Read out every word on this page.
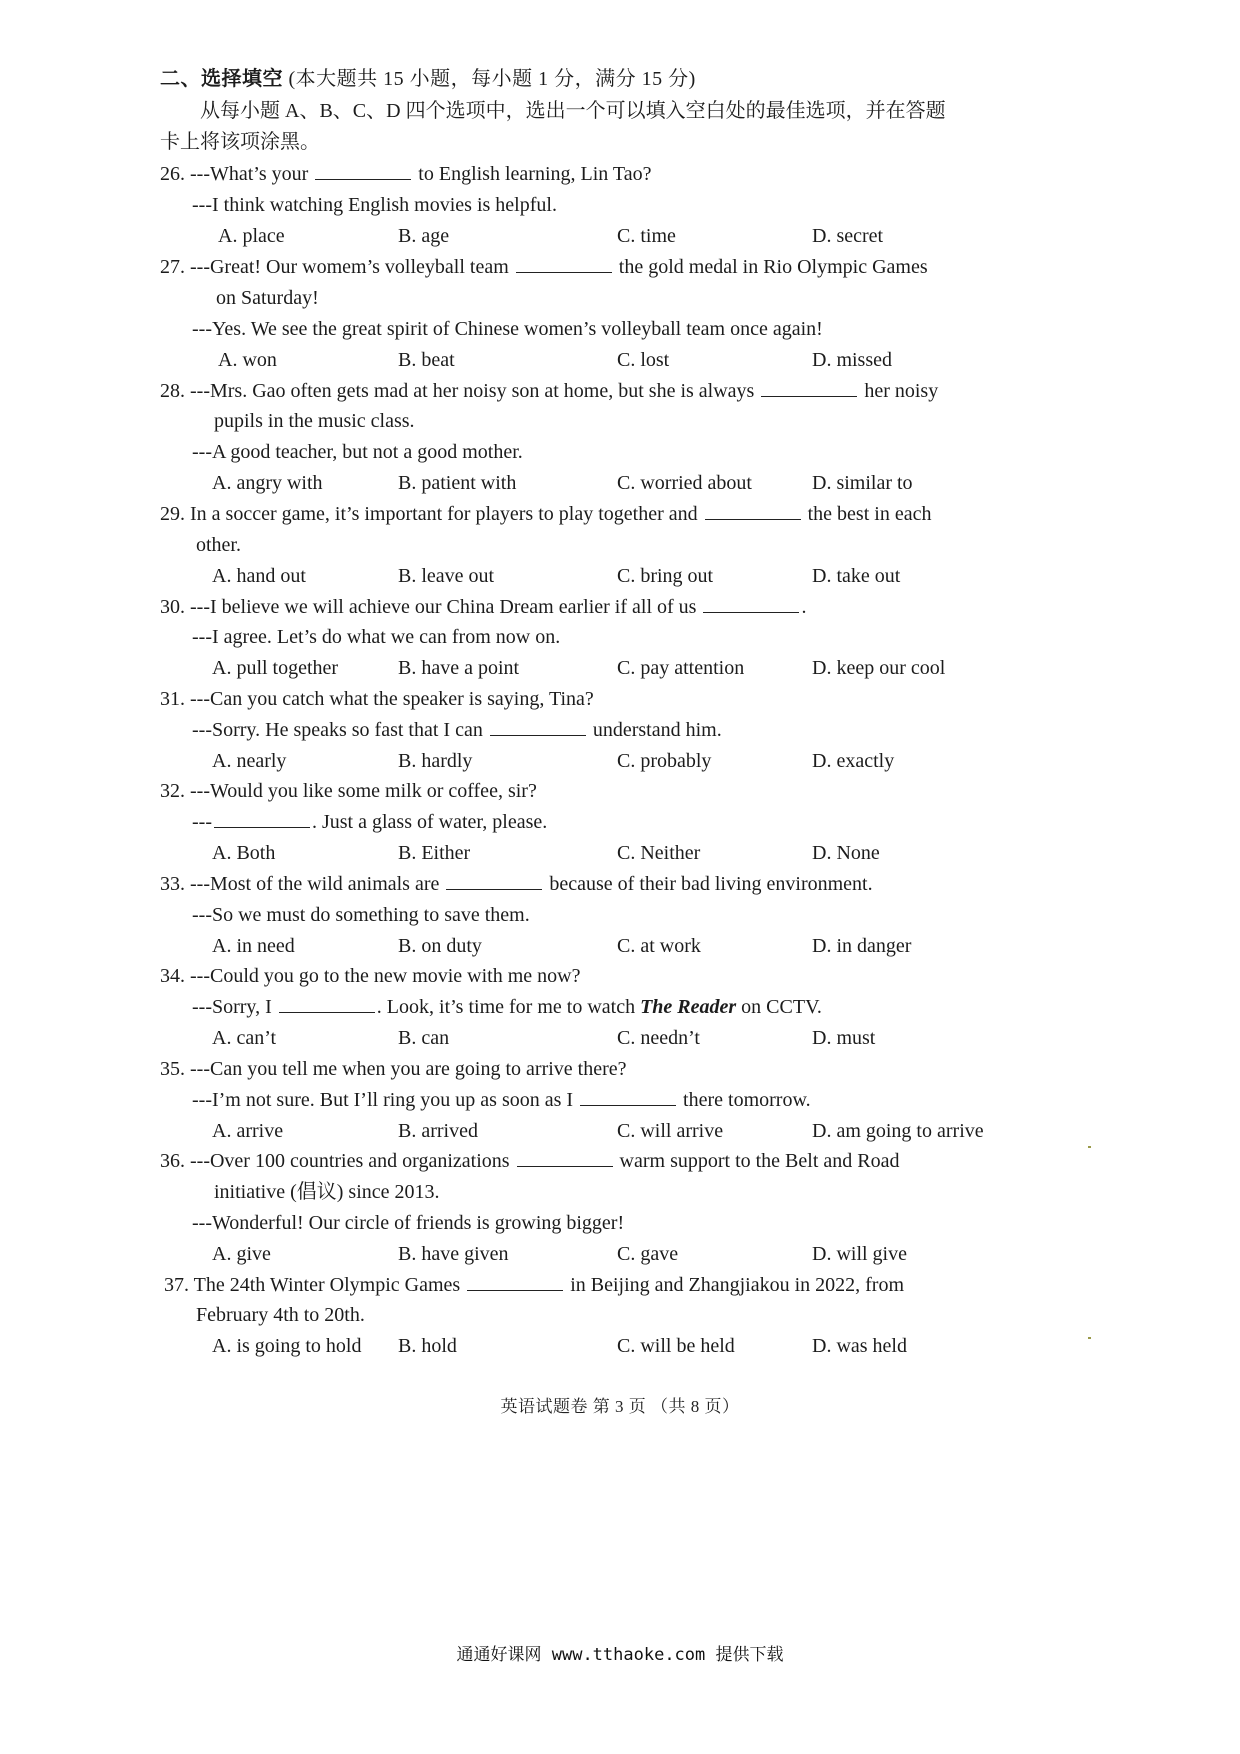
二、选择填空 (本大题共 15 小题，每小题 1 分，满分 15 分)
从每小题 A、B、C、D 四个选项中，选出一个可以填入空白处的最佳选项，并在答题
卡上将该项涂黑。
26. ---What’s your	to English learning, Lin Tao?
---I think watching English movies is helpful.
A. place	B. age	C. time	D. secret
27. ---Great! Our womem’s volleyball team	the gold medal in Rio Olympic Games
on Saturday!
---Yes. We see the great spirit of Chinese women’s volleyball team once again!
A. won	B. beat	C. lost	D. missed
28. ---Mrs. Gao often gets mad at her noisy son at home, but she is always	her noisy
pupils in the music class.
---A good teacher, but not a good mother.
A. angry with	B. patient with	C. worried about	D. similar to
29. In a soccer game, it’s important for players to play together and	the best in each
other.
A. hand out	B. leave out	C. bring out	D. take out
30. ---I believe we will achieve our China Dream earlier if all of us	.
---I agree. Let’s do what we can from now on.
A. pull together	B. have a point	C. pay attention	D. keep our cool
31. ---Can you catch what the speaker is saying, Tina?
---Sorry. He speaks so fast that I can	understand him.
A. nearly	B. hardly	C. probably	D. exactly
32. ---Would you like some milk or coffee, sir?
---	. Just a glass of water, please.
A. Both	B. Either	C. Neither	D. None
33. ---Most of the wild animals are	because of their bad living environment.
---So we must do something to save them.
A. in need	B. on duty	C. at work	D. in danger
34. ---Could you go to the new movie with me now?
---Sorry, I	. Look, it’s time for me to watch The Reader on CCTV.
A. can’t	B. can	C. needn’t	D. must
35. ---Can you tell me when you are going to arrive there?
---I’m not sure. But I’ll ring you up as soon as I	there tomorrow.
A. arrive	B. arrived	C. will arrive	D. am going to arrive
36. ---Over 100 countries and organizations	warm support to the Belt and Road
initiative (倡议) since 2013.
---Wonderful! Our circle of friends is growing bigger!
A. give	B. have given	C. gave	D. will give
37. The 24th Winter Olympic Games	in Beijing and Zhangjiakou in 2022, from
February 4th to 20th.
A. is going to hold B. hold	C. will be held	D. was held
英语试题卷 第 3 页 （共 8 页）
通通好课网 www.tthaoke.com 提供下载
